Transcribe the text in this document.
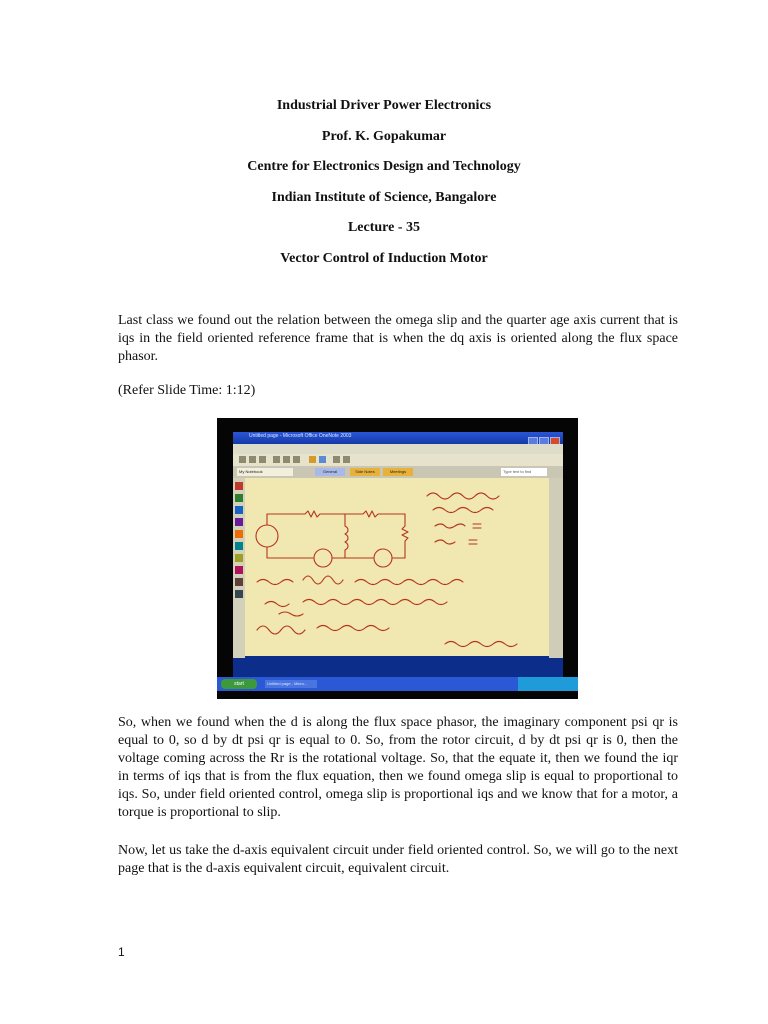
Industrial Driver Power Electronics
Prof. K. Gopakumar
Centre for Electronics Design and Technology
Indian Institute of Science, Bangalore
Lecture - 35
Vector Control of Induction Motor

Last class we found out the relation between the omega slip and the quarter age axis current that is iqs in the field oriented reference frame that is when the dq axis is oriented along the flux space phasor.

(Refer Slide Time: 1:12)
Untitled page - Microsoft Office OneNote 2003

My Notebook	General	Side Notes	Meetings	Type text to find
start	Untitled page - Micro...

So, when we found when the d is along the flux space phasor, the imaginary component psi qr is equal to 0, so d by dt psi qr is equal to 0. So, from the rotor circuit, d by dt psi qr is 0, then the voltage coming across the Rr is the rotational voltage. So, that the equate it, then we found the iqr in terms of iqs that is from the flux equation, then we found omega slip is equal to proportional to iqs. So, under field oriented control, omega slip is proportional iqs and we know that for a motor, a torque is proportional to slip.

Now, let us take the d-axis equivalent circuit under field oriented control. So, we will go to the next page that is the d-axis equivalent circuit, equivalent circuit.

1
